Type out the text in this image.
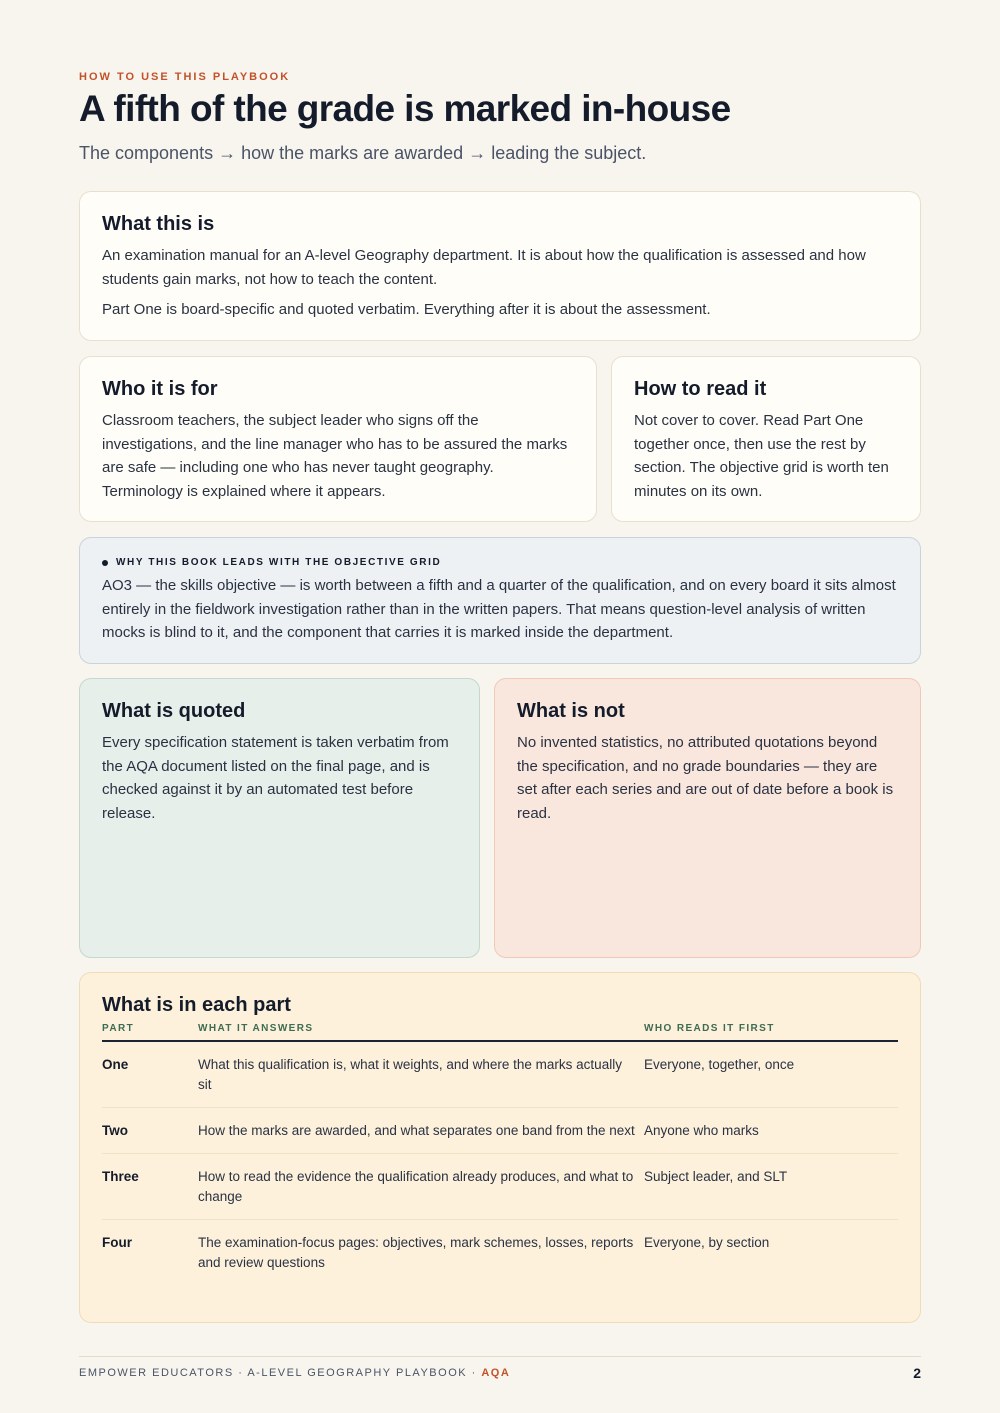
HOW TO USE THIS PLAYBOOK
A fifth of the grade is marked in-house
The components → how the marks are awarded → leading the subject.
What this is

An examination manual for an A-level Geography department. It is about how the qualification is assessed and how students gain marks, not how to teach the content.

Part One is board-specific and quoted verbatim. Everything after it is about the assessment.

Who it is for

Classroom teachers, the subject leader who signs off the investigations, and the line manager who has to be assured the marks are safe — including one who has never taught geography. Terminology is explained where it appears.

How to read it

Not cover to cover. Read Part One together once, then use the rest by section. The objective grid is worth ten minutes on its own.

WHY THIS BOOK LEADS WITH THE OBJECTIVE GRID

AO3 — the skills objective — is worth between a fifth and a quarter of the qualification, and on every board it sits almost entirely in the fieldwork investigation rather than in the written papers. That means question-level analysis of written mocks is blind to it, and the component that carries it is marked inside the department.

What is quoted

Every specification statement is taken verbatim from the AQA document listed on the final page, and is checked against it by an automated test before release.

What is not

No invented statistics, no attributed quotations beyond the specification, and no grade boundaries — they are set after each series and are out of date before a book is read.

What is in each part
PART	WHAT IT ANSWERS	WHO READS IT FIRST
One	What this qualification is, what it weights, and where the marks actually sit	Everyone, together, once
Two	How the marks are awarded, and what separates one band from the next	Anyone who marks
Three	How to read the evidence the qualification already produces, and what to change	Subject leader, and SLT
Four	The examination-focus pages: objectives, mark schemes, losses, reports and review questions	Everyone, by section
EMPOWER EDUCATORS · A-LEVEL GEOGRAPHY PLAYBOOK · AQA	2
